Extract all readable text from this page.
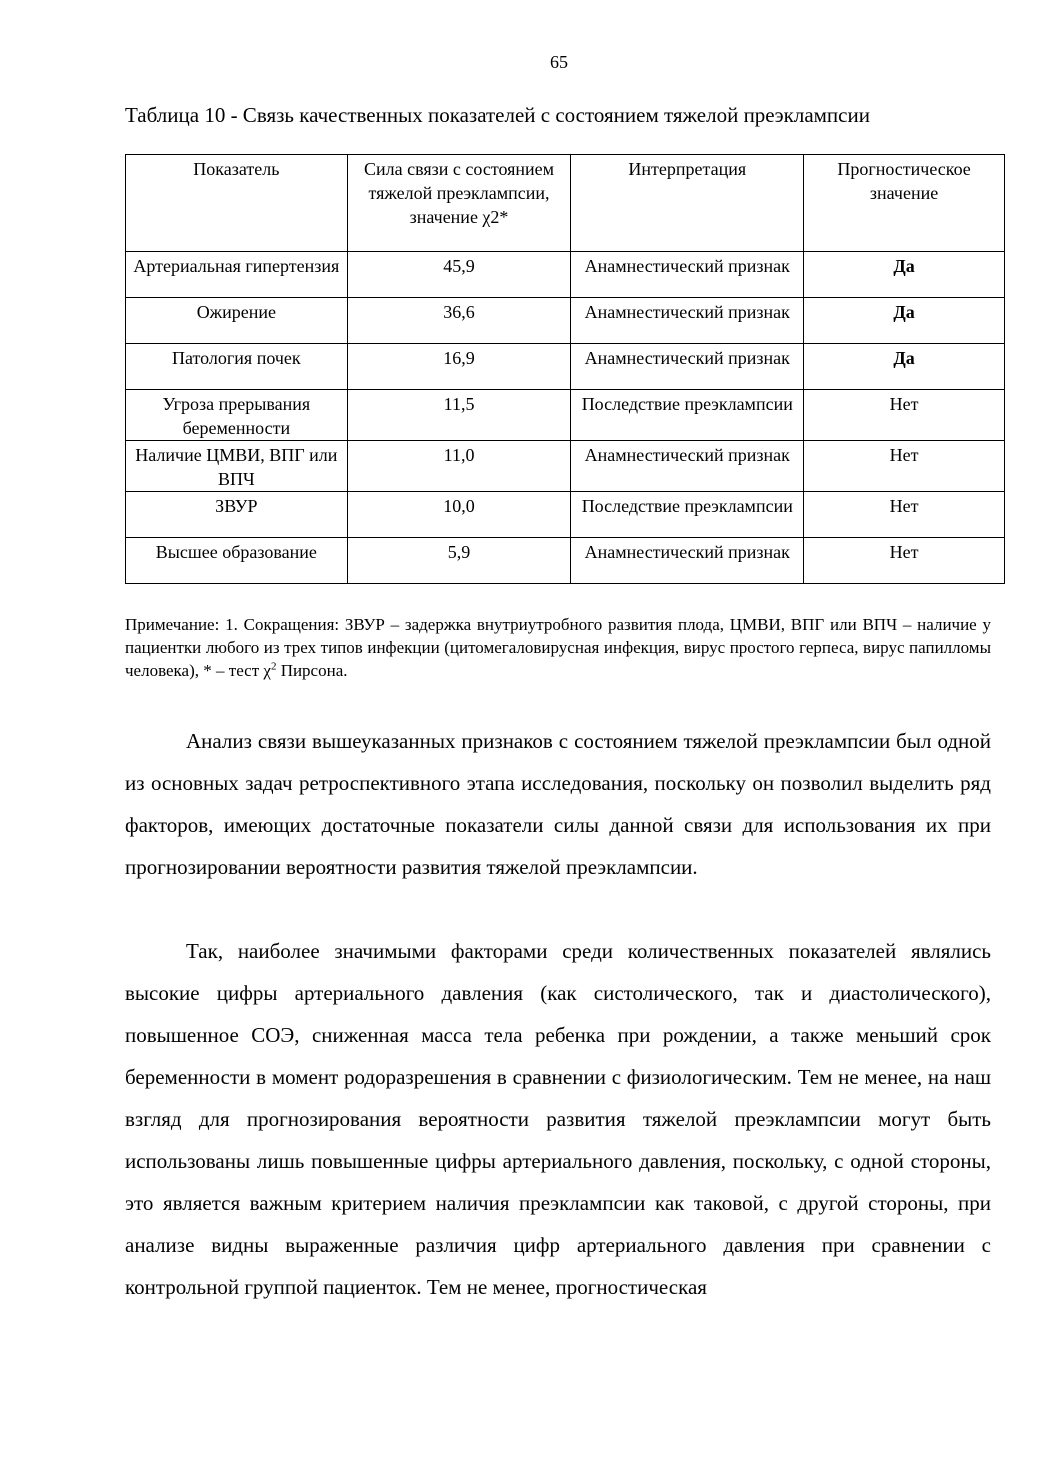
65
Таблица 10 - Связь качественных показателей с состоянием тяжелой преэклампсии
Показатель	Сила связи с состоянием тяжелой преэклампсии, значение χ2*	Интерпретация	Прогностическое значение
Артериальная гипертензия	45,9	Анамнестический признак	Да
Ожирение	36,6	Анамнестический признак	Да
Патология почек	16,9	Анамнестический признак	Да
Угроза прерывания беременности	11,5	Последствие преэклампсии	Нет
Наличие ЦМВИ, ВПГ или ВПЧ	11,0	Анамнестический признак	Нет
ЗВУР	10,0	Последствие преэклампсии	Нет
Высшее образование	5,9	Анамнестический признак	Нет
Примечание: 1. Сокращения: ЗВУР – задержка внутриутробного развития плода, ЦМВИ, ВПГ или ВПЧ – наличие у пациентки любого из трех типов инфекции (цитомегаловирусная инфекция, вирус простого герпеса, вирус папилломы человека), * – тест $\chi^2$ Пирсона.
Анализ связи вышеуказанных признаков с состоянием тяжелой преэклампсии был одной из основных задач ретроспективного этапа исследования, поскольку он позволил выделить ряд факторов, имеющих достаточные показатели силы данной связи для использования их при прогнозировании вероятности развития тяжелой преэклампсии.
Так, наиболее значимыми факторами среди количественных показателей являлись высокие цифры артериального давления (как систолического, так и диастолического), повышенное СОЭ, сниженная масса тела ребенка при рождении, а также меньший срок беременности в момент родоразрешения в сравнении с физиологическим. Тем не менее, на наш взгляд для прогнозирования вероятности развития тяжелой преэклампсии могут быть использованы лишь повышенные цифры артериального давления, поскольку, с одной стороны, это является важным критерием наличия преэклампсии как таковой, с другой стороны, при анализе видны выраженные различия цифр артериального давления при сравнении с контрольной группой пациенток. Тем не менее, прогностическая
